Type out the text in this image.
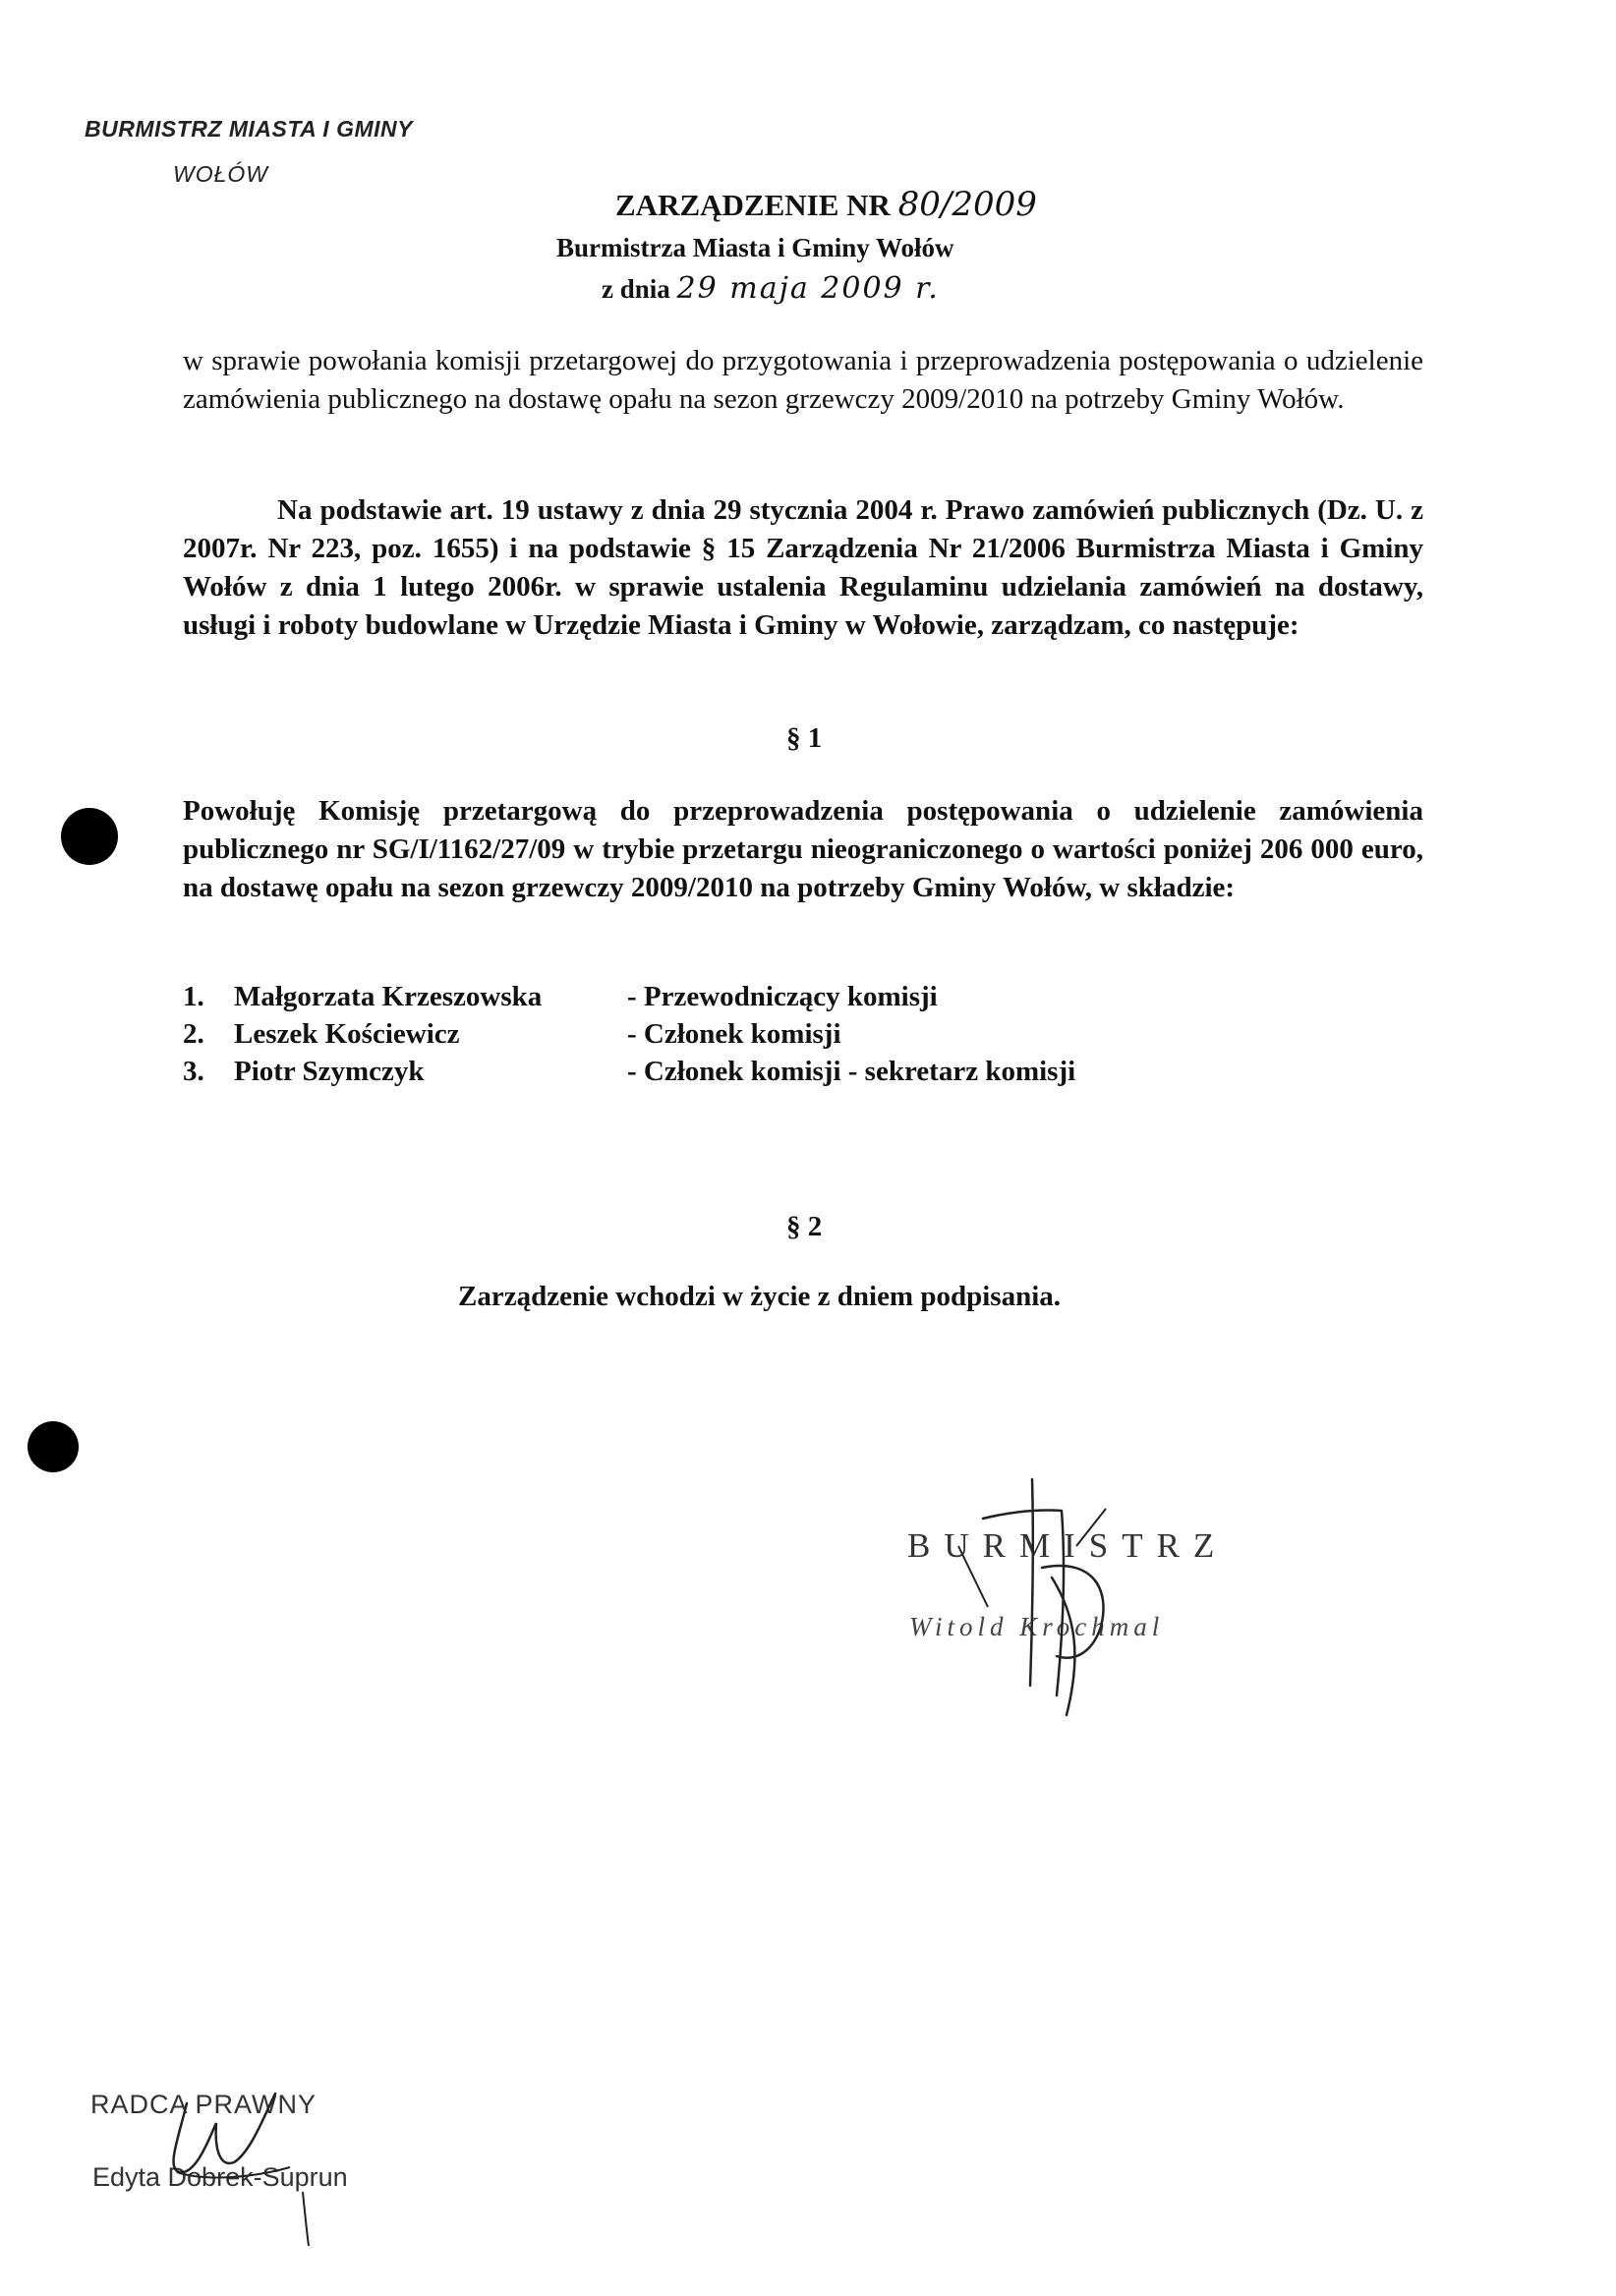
BURMISTRZ MIASTA I GMINY
WOŁÓW
ZARZĄDZENIE NR 80/2009
Burmistrza Miasta i Gminy Wołów
z dnia 29 maja 2009 r.
w sprawie powołania komisji przetargowej do przygotowania i przeprowadzenia postępowania o udzielenie zamówienia publicznego na dostawę opału na sezon grzewczy 2009/2010 na potrzeby Gminy Wołów.
Na podstawie art. 19 ustawy z dnia 29 stycznia 2004 r. Prawo zamówień publicznych (Dz. U. z 2007r. Nr 223, poz. 1655) i na podstawie § 15 Zarządzenia Nr 21/2006 Burmistrza Miasta i Gminy Wołów z dnia 1 lutego 2006r. w sprawie ustalenia Regulaminu udzielania zamówień na dostawy, usługi i roboty budowlane w Urzędzie Miasta i Gminy w Wołowie, zarządzam, co następuje:
§ 1
Powołuję Komisję przetargową do przeprowadzenia postępowania o udzielenie zamówienia publicznego nr SG/I/1162/27/09 w trybie przetargu nieograniczonego o wartości poniżej 206 000 euro, na dostawę opału na sezon grzewczy 2009/2010 na potrzeby Gminy Wołów, w składzie:
1.	Małgorzata Krzeszowska	- Przewodniczący komisji
2.	Leszek Kościewicz	- Członek komisji
3.	Piotr Szymczyk	- Członek komisji - sekretarz komisji
§ 2
Zarządzenie wchodzi w życie z dniem podpisania.
BURMISTRZ
Witold Krochmal
RADCA PRAWNY
Edyta Dobrek-Suprun
